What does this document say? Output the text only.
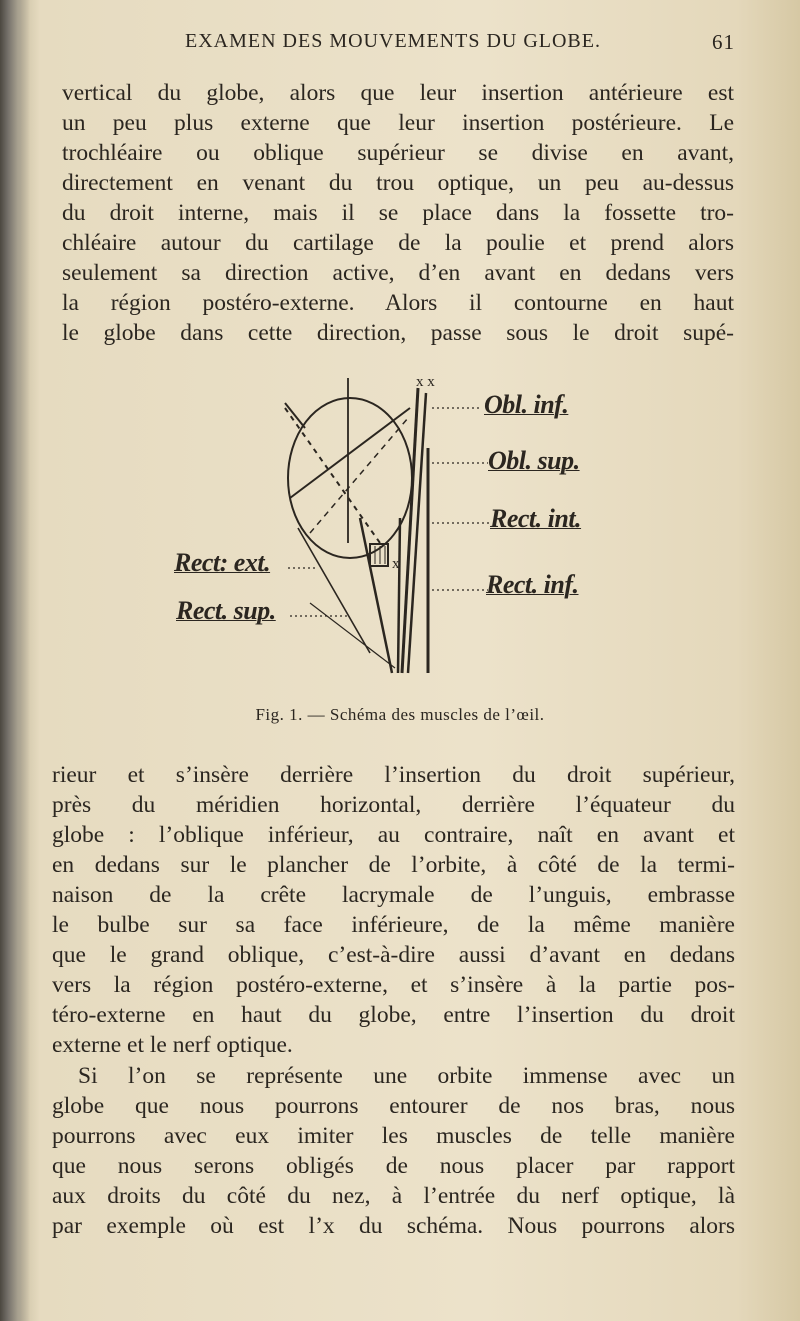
EXAMEN DES MOUVEMENTS DU GLOBE.	61
vertical du globe, alors que leur insertion antérieure est
un peu plus externe que leur insertion postérieure. Le
trochléaire ou oblique supérieur se divise en avant,
directement en venant du trou optique, un peu au-dessus
du droit interne, mais il se place dans la fossette tro-
chléaire autour du cartilage de la poulie et prend alors
seulement sa direction active, d’en avant en dedans vers
la région postéro-externe. Alors il contourne en haut
le globe dans cette direction, passe sous le droit supé-
x x
x
Obl. inf.
Obl. sup.
Rect. int.
Rect. inf.
Rect: ext.
Rect. sup.
Fig. 1. — Schéma des muscles de l’œil.
rieur et s’insère derrière l’insertion du droit supérieur,
près du méridien horizontal, derrière l’équateur du
globe : l’oblique inférieur, au contraire, naît en avant et
en dedans sur le plancher de l’orbite, à côté de la termi-
naison de la crête lacrymale de l’unguis, embrasse
le bulbe sur sa face inférieure, de la même manière
que le grand oblique, c’est-à-dire aussi d’avant en dedans
vers la région postéro-externe, et s’insère à la partie pos-
téro-externe en haut du globe, entre l’insertion du droit
externe et le nerf optique.
Si l’on se représente une orbite immense avec un
globe que nous pourrons entourer de nos bras, nous
pourrons avec eux imiter les muscles de telle manière
que nous serons obligés de nous placer par rapport
aux droits du côté du nez, à l’entrée du nerf optique, là
par exemple où est l’x du schéma. Nous pourrons alors
